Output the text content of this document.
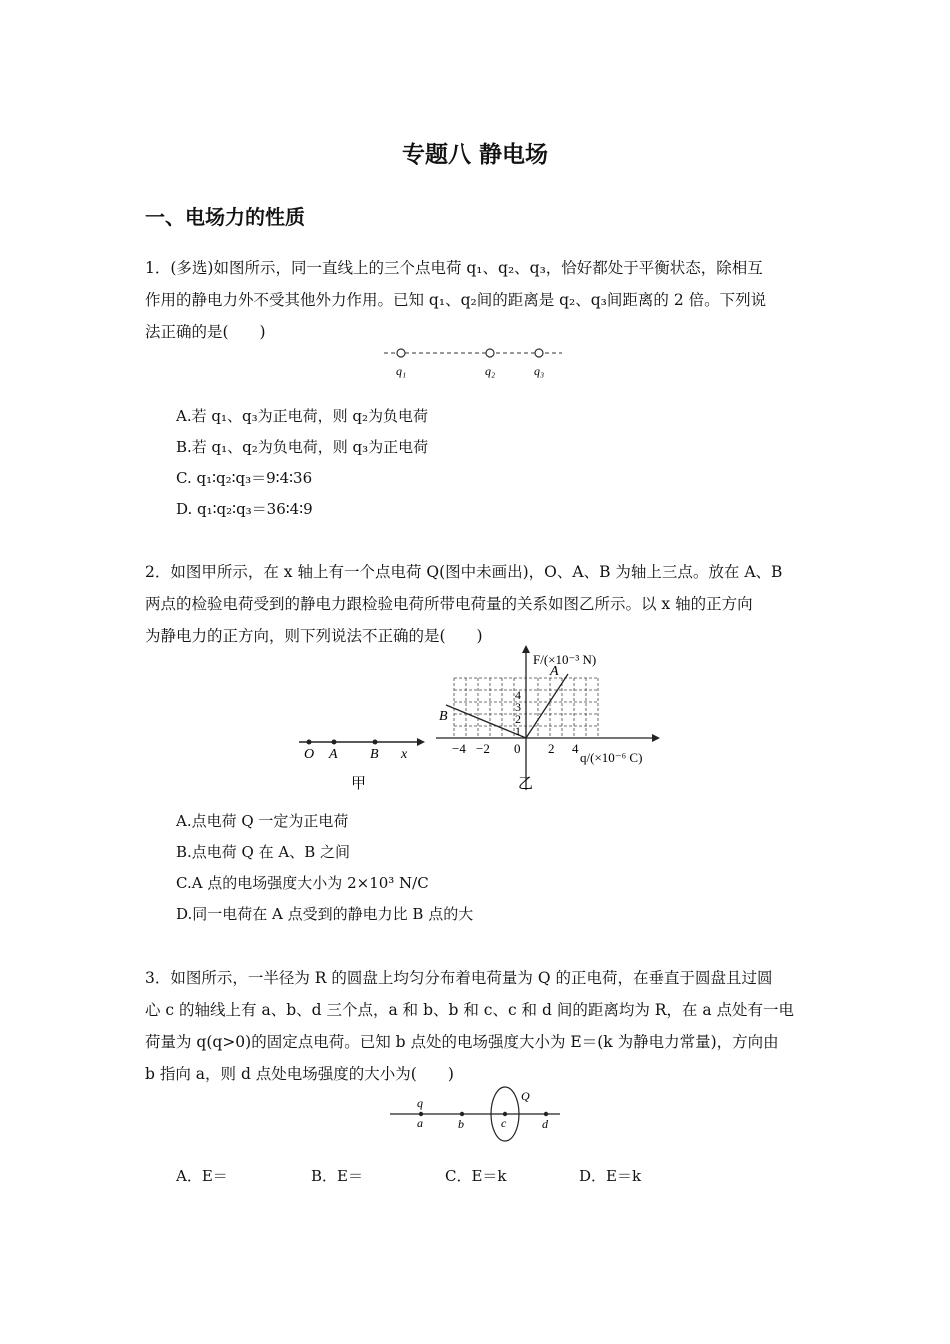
专题八 静电场
一、电场力的性质
1．(多选)如图所示，同一直线上的三个点电荷 q₁、q₂、q₃，恰好都处于平衡状态，除相互
作用的静电力外不受其他外力作用。已知 q₁、q₂间的距离是 q₂、q₃间距离的 2 倍。下列说
法正确的是(　　)
q₁	q₂	q₃
A.若 q₁、q₃为正电荷，则 q₂为负电荷
B.若 q₁、q₂为负电荷，则 q₃为正电荷
C. q₁∶q₂∶q₃＝9∶4∶36
D. q₁∶q₂∶q₃＝36∶4∶9
2．如图甲所示，在 x 轴上有一个点电荷 Q(图中未画出)，O、A、B 为轴上三点。放在 A、B
两点的检验电荷受到的静电力跟检验电荷所带电荷量的关系如图乙所示。以 x 轴的正方向
为静电力的正方向，则下列说法不正确的是(　　)
O A B x
甲
F/(×10⁻³ N)
q/(×10⁻⁶ C)
A
B
−4 −2 0 2 4
1
2
3
4
乙
A.点电荷 Q 一定为正电荷
B.点电荷 Q 在 A、B 之间
C.A 点的电场强度大小为 2×10³ N/C
D.同一电荷在 A 点受到的静电力比 B 点的大
3．如图所示，一半径为 R 的圆盘上均匀分布着电荷量为 Q 的正电荷，在垂直于圆盘且过圆
心 c 的轴线上有 a、b、d 三个点，a 和 b、b 和 c、c 和 d 间的距离均为 R，在 a 点处有一电
荷量为 q(q>0)的固定点电荷。已知 b 点处的电场强度大小为 E＝(k 为静电力常量)，方向由
b 指向 a，则 d 点处电场强度的大小为(　　)
q
a	b	c
Q
d
A．E＝	B．E＝	C．E＝k	D．E＝k
